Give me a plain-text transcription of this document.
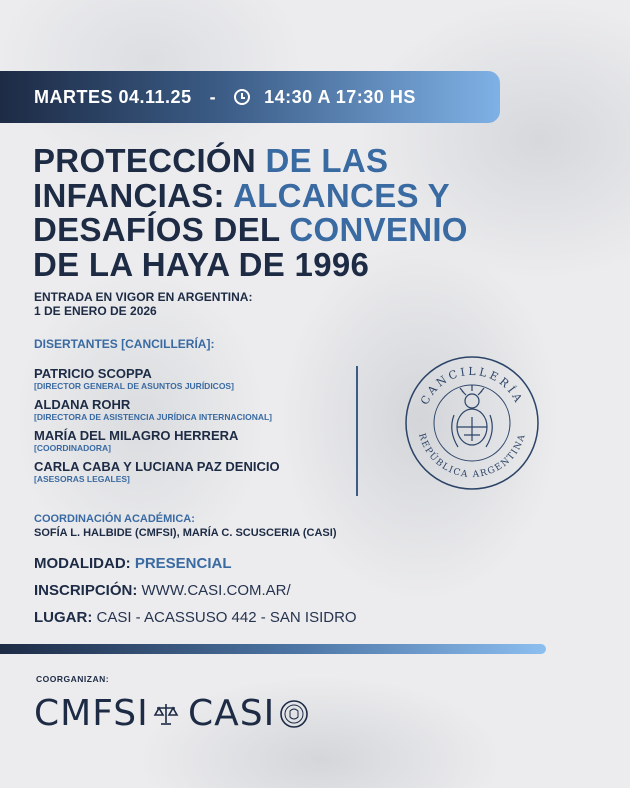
MARTES 04.11.25 -	14:30 A 17:30 HS
PROTECCIÓN DE LAS
INFANCIAS: ALCANCES Y
DESAFÍOS DEL CONVENIO
DE LA HAYA DE 1996
ENTRADA EN VIGOR EN ARGENTINA:
1 DE ENERO DE 2026
DISERTANTES [CANCILLERÍA]:
PATRICIO SCOPPA
[DIRECTOR GENERAL DE ASUNTOS JURÍDICOS]
ALDANA ROHR
[DIRECTORA DE ASISTENCIA JURÍDICA INTERNACIONAL]
MARÍA DEL MILAGRO HERRERA
[COORDINADORA]
CARLA CABA Y LUCIANA PAZ DENICIO
[ASESORAS LEGALES]
CANCILLERÍA
REPÚBLICA ARGENTINA
COORDINACIÓN ACADÉMICA:
SOFÍA L. HALBIDE (CMFSI), MARÍA C. SCUSCERIA (CASI)
MODALIDAD: PRESENCIAL
INSCRIPCIÓN: WWW.CASI.COM.AR/
LUGAR: CASI - ACASSUSO 442 - SAN ISIDRO
COORGANIZAN:
CMFSI CASI
